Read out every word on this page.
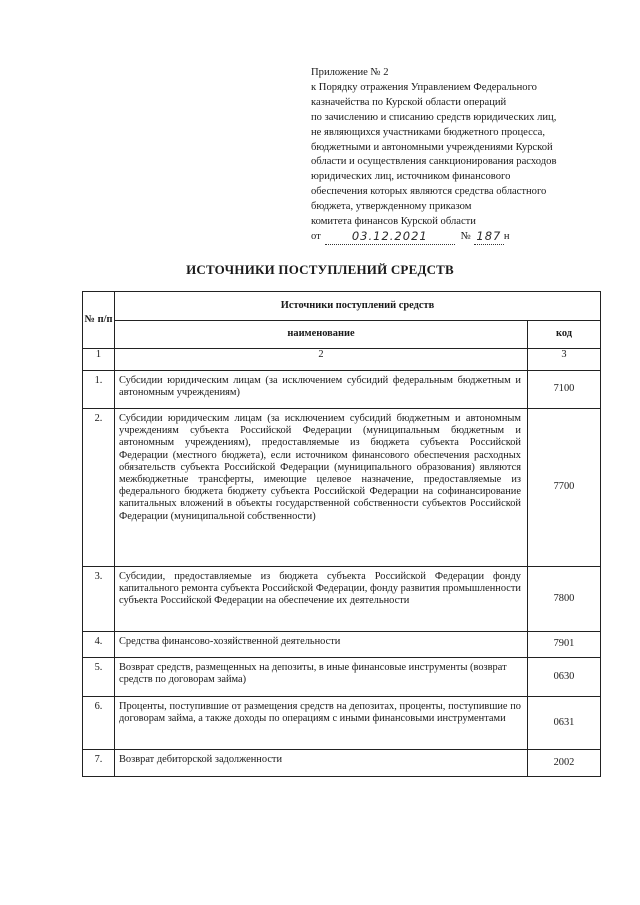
Приложение № 2
к Порядку отражения Управлением Федерального
казначейства по Курской области операций
по зачислению и списанию средств юридических лиц,
не являющихся участниками бюджетного процесса,
бюджетными и автономными учреждениями Курской
области и осуществления санкционирования расходов
юридических лиц, источником финансового
обеспечения которых являются средства областного
бюджета, утвержденному приказом
комитета финансов Курской области
от	03.12.2021	№ 187 н
ИСТОЧНИКИ ПОСТУПЛЕНИЙ СРЕДСТВ
№ п/п	Источники поступлений средств	
	наименование	код
1	2	3
1.	Субсидии юридическим лицам (за исключением субсидий федеральным бюджетным и автономным учреждениям)	7100
2.	Субсидии юридическим лицам (за исключением субсидий бюджетным и автономным учреждениям субъекта Российской Федерации (муниципальным бюджетным и автономным учреждениям), предоставляемые из бюджета субъекта Российской Федерации (местного бюджета), если источником финансового обеспечения расходных обязательств субъекта Российской Федерации (муниципального образования) являются межбюджетные трансферты, имеющие целевое назначение, предоставляемые из федерального бюджета бюджету субъекта Российской Федерации на софинансирование капитальных вложений в объекты государственной собственности субъектов Российской Федерации (муниципальной собственности)	7700
3.	Субсидии, предоставляемые из бюджета субъекта Российской Федерации фонду капитального ремонта субъекта Российской Федерации, фонду развития промышленности субъекта Российской Федерации на обеспечение их деятельности	7800
4.	Средства финансово-хозяйственной деятельности	7901
5.	Возврат средств, размещенных на депозиты, в иные финансовые инструменты (возврат средств по договорам займа)	0630
6.	Проценты, поступившие от размещения средств на депозитах, проценты, поступившие по договорам займа, а также доходы по операциям с иными финансовыми инструментами	0631
7.	Возврат дебиторской задолженности	2002
